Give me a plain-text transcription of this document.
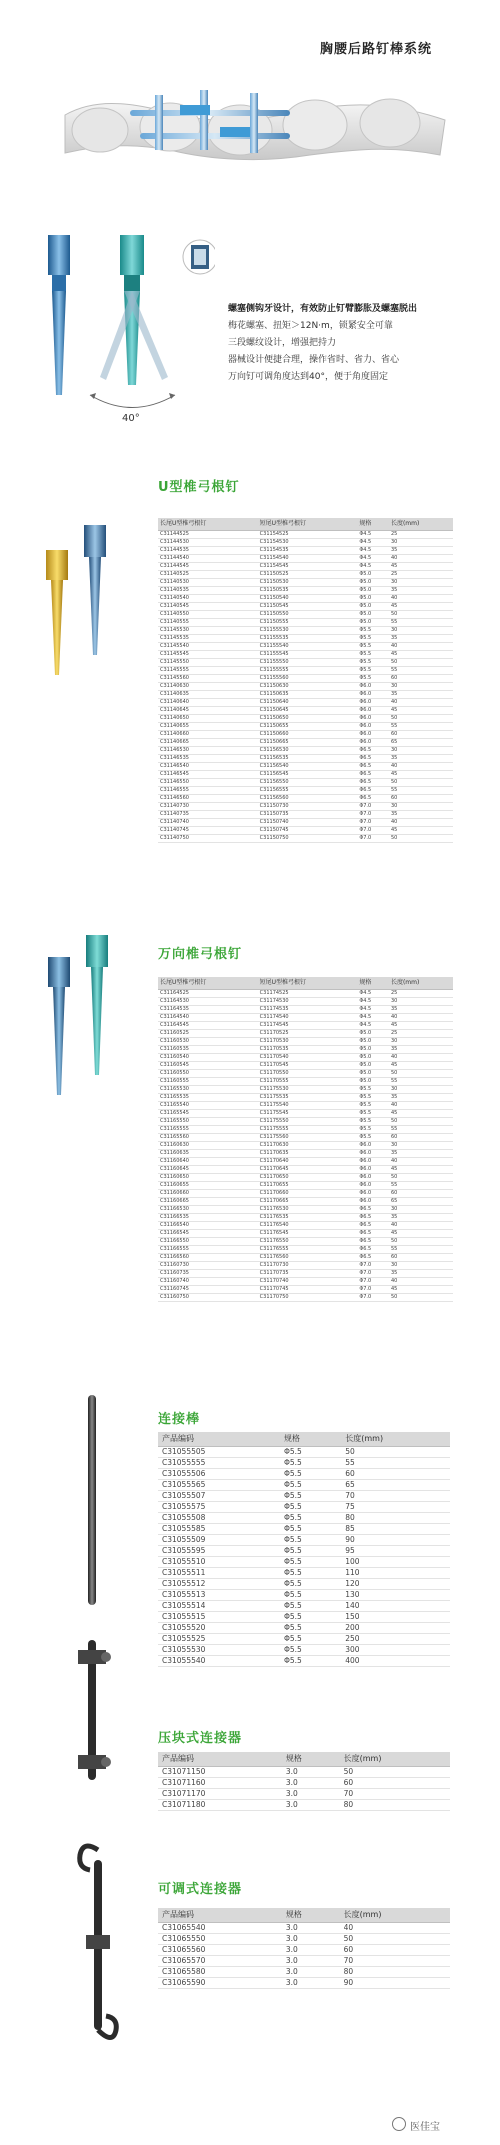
胸腰后路钉棒系统
螺塞侧钩牙设计，有效防止钉臂膨胀及螺塞脱出
梅花螺塞、扭矩＞12N·m，锁紧安全可靠
三段螺纹设计，增强把持力
器械设计便捷合理，操作省时、省力、省心
万向钉可调角度达到40°，便于角度固定
40°
U型椎弓根钉
长尾U型椎弓根钉	短尾U型椎弓根钉	规格	长度(mm)
C31144525	C31154525	Φ4.5	25
C31144530	C31154530	Φ4.5	30
C31144535	C31154535	Φ4.5	35
C31144540	C31154540	Φ4.5	40
C31144545	C31154545	Φ4.5	45
C31140525	C31150525	Φ5.0	25
C31140530	C31150530	Φ5.0	30
C31140535	C31150535	Φ5.0	35
C31140540	C31150540	Φ5.0	40
C31140545	C31150545	Φ5.0	45
C31140550	C31150550	Φ5.0	50
C31140555	C31150555	Φ5.0	55
C31145530	C31155530	Φ5.5	30
C31145535	C31155535	Φ5.5	35
C31145540	C31155540	Φ5.5	40
C31145545	C31155545	Φ5.5	45
C31145550	C31155550	Φ5.5	50
C31145555	C31155555	Φ5.5	55
C31145560	C31155560	Φ5.5	60
C31140630	C31150630	Φ6.0	30
C31140635	C31150635	Φ6.0	35
C31140640	C31150640	Φ6.0	40
C31140645	C31150645	Φ6.0	45
C31140650	C31150650	Φ6.0	50
C31140655	C31150655	Φ6.0	55
C31140660	C31150660	Φ6.0	60
C31140665	C31150665	Φ6.0	65
C31146530	C31156530	Φ6.5	30
C31146535	C31156535	Φ6.5	35
C31146540	C31156540	Φ6.5	40
C31146545	C31156545	Φ6.5	45
C31146550	C31156550	Φ6.5	50
C31146555	C31156555	Φ6.5	55
C31146560	C31156560	Φ6.5	60
C31140730	C31150730	Φ7.0	30
C31140735	C31150735	Φ7.0	35
C31140740	C31150740	Φ7.0	40
C31140745	C31150745	Φ7.0	45
C31140750	C31150750	Φ7.0	50
万向椎弓根钉
长尾U型椎弓根钉	短尾U型椎弓根钉	规格	长度(mm)
C31164525	C31174525	Φ4.5	25
C31164530	C31174530	Φ4.5	30
C31164535	C31174535	Φ4.5	35
C31164540	C31174540	Φ4.5	40
C31164545	C31174545	Φ4.5	45
C31160525	C31170525	Φ5.0	25
C31160530	C31170530	Φ5.0	30
C31160535	C31170535	Φ5.0	35
C31160540	C31170540	Φ5.0	40
C31160545	C31170545	Φ5.0	45
C31160550	C31170550	Φ5.0	50
C31160555	C31170555	Φ5.0	55
C31165530	C31175530	Φ5.5	30
C31165535	C31175535	Φ5.5	35
C31165540	C31175540	Φ5.5	40
C31165545	C31175545	Φ5.5	45
C31165550	C31175550	Φ5.5	50
C31165555	C31175555	Φ5.5	55
C31165560	C31175560	Φ5.5	60
C31160630	C31170630	Φ6.0	30
C31160635	C31170635	Φ6.0	35
C31160640	C31170640	Φ6.0	40
C31160645	C31170645	Φ6.0	45
C31160650	C31170650	Φ6.0	50
C31160655	C31170655	Φ6.0	55
C31160660	C31170660	Φ6.0	60
C31160665	C31170665	Φ6.0	65
C31166530	C31176530	Φ6.5	30
C31166535	C31176535	Φ6.5	35
C31166540	C31176540	Φ6.5	40
C31166545	C31176545	Φ6.5	45
C31166550	C31176550	Φ6.5	50
C31166555	C31176555	Φ6.5	55
C31166560	C31176560	Φ6.5	60
C31160730	C31170730	Φ7.0	30
C31160735	C31170735	Φ7.0	35
C31160740	C31170740	Φ7.0	40
C31160745	C31170745	Φ7.0	45
C31160750	C31170750	Φ7.0	50
连接棒
产品编码	规格	长度(mm)
C31055505	Φ5.5	50
C31055555	Φ5.5	55
C31055506	Φ5.5	60
C31055565	Φ5.5	65
C31055507	Φ5.5	70
C31055575	Φ5.5	75
C31055508	Φ5.5	80
C31055585	Φ5.5	85
C31055509	Φ5.5	90
C31055595	Φ5.5	95
C31055510	Φ5.5	100
C31055511	Φ5.5	110
C31055512	Φ5.5	120
C31055513	Φ5.5	130
C31055514	Φ5.5	140
C31055515	Φ5.5	150
C31055520	Φ5.5	200
C31055525	Φ5.5	250
C31055530	Φ5.5	300
C31055540	Φ5.5	400
压块式连接器
产品编码	规格	长度(mm)
C31071150	3.0	50
C31071160	3.0	60
C31071170	3.0	70
C31071180	3.0	80
可调式连接器
产品编码	规格	长度(mm)
C31065540	3.0	40
C31065550	3.0	50
C31065560	3.0	60
C31065570	3.0	70
C31065580	3.0	80
C31065590	3.0	90
医佳宝
